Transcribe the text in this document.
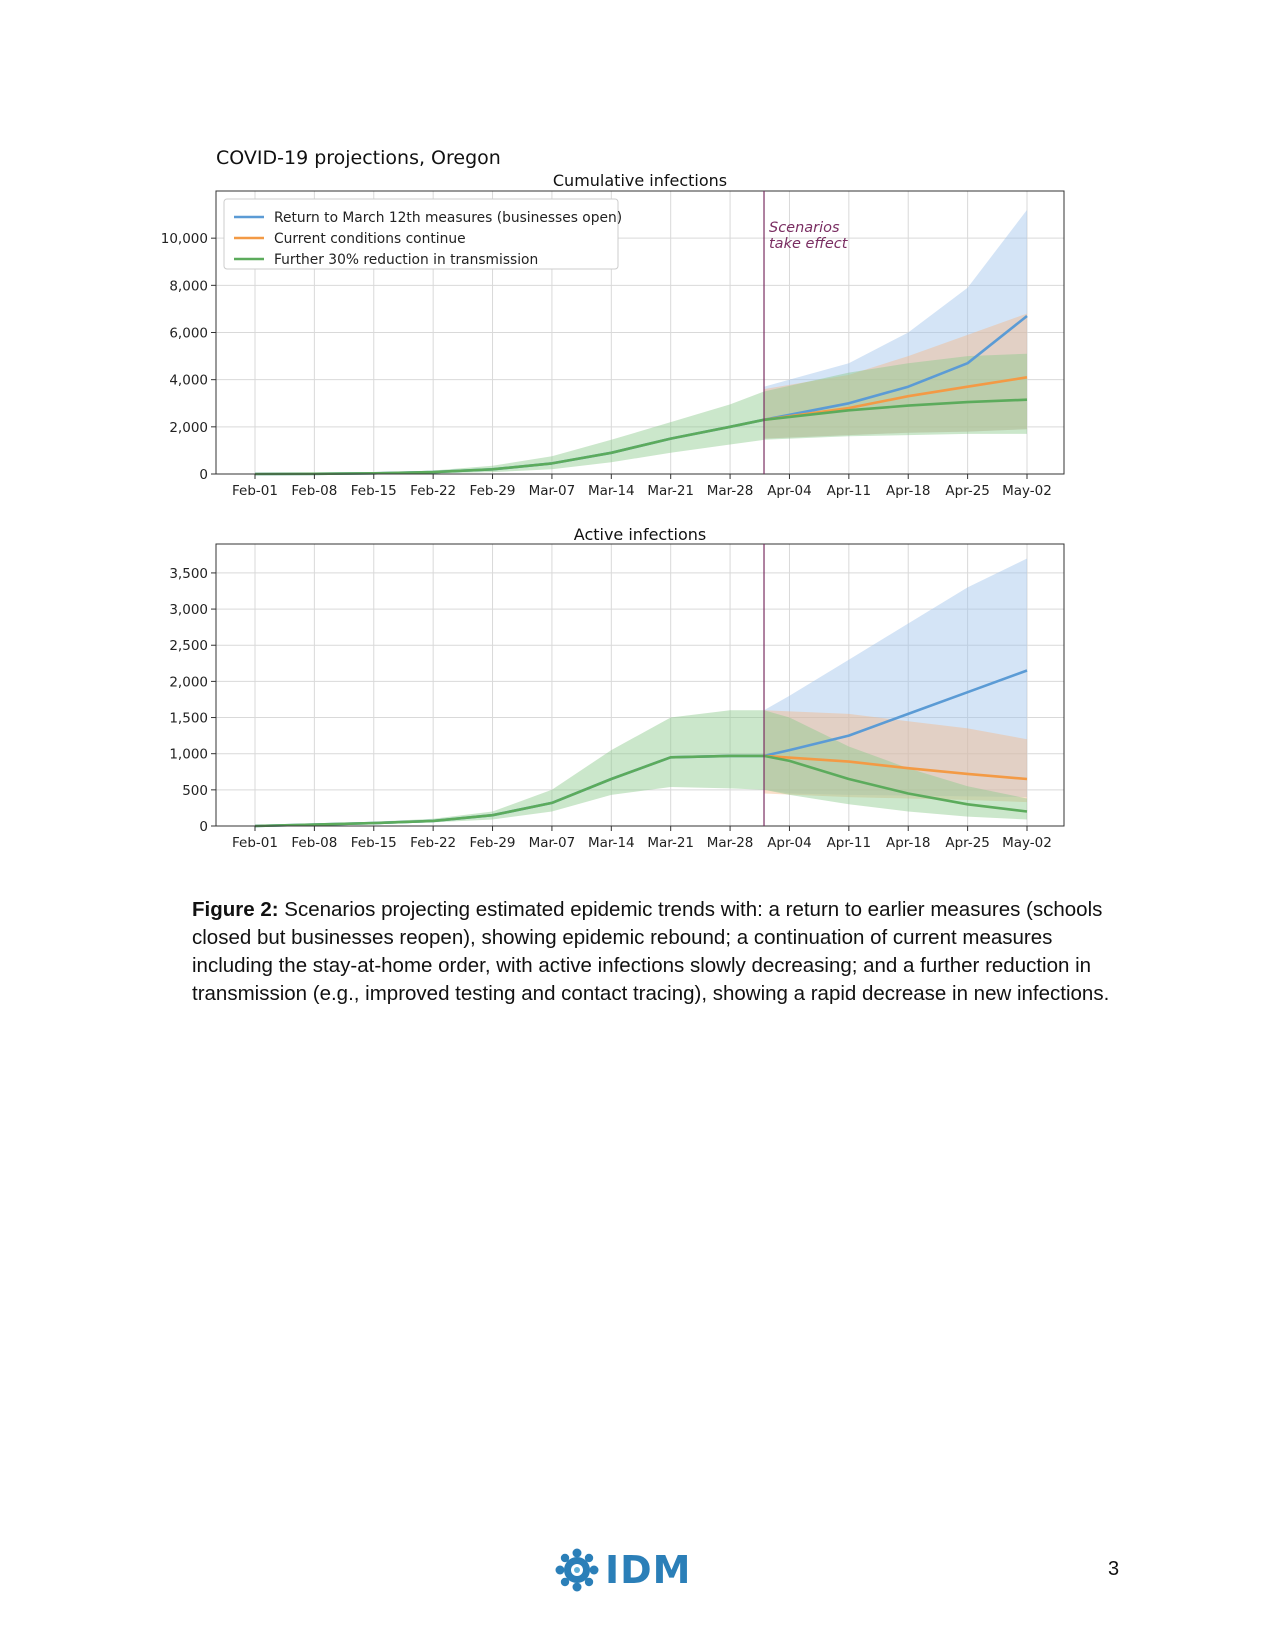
COVID-19 projections, Oregon
Cumulative infections
Feb-01 Feb-08 Feb-15 Feb-22 Feb-29 Mar-07 Mar-14 Mar-21 Mar-28 Apr-04 Apr-11 Apr-18 Apr-25 May-02
0
2,000
4,000
6,000
8,000
10,000
Scenarios
take effect
Return to March 12th measures (businesses open)
Current conditions continue
Further 30% reduction in transmission
Active infections
Feb-01 Feb-08 Feb-15 Feb-22 Feb-29 Mar-07 Mar-14 Mar-21 Mar-28 Apr-04 Apr-11 Apr-18 Apr-25 May-02
0
500
1,000
1,500
2,000
2,500
3,000
3,500
Figure 2: Scenarios projecting estimated epidemic trends with: a return to earlier measures (schools closed but businesses reopen), showing epidemic rebound; a continuation of current measures including the stay-at-home order, with active infections slowly decreasing; and a further reduction in transmission (e.g., improved testing and contact tracing), showing a rapid decrease in new infections.
IDM	3
